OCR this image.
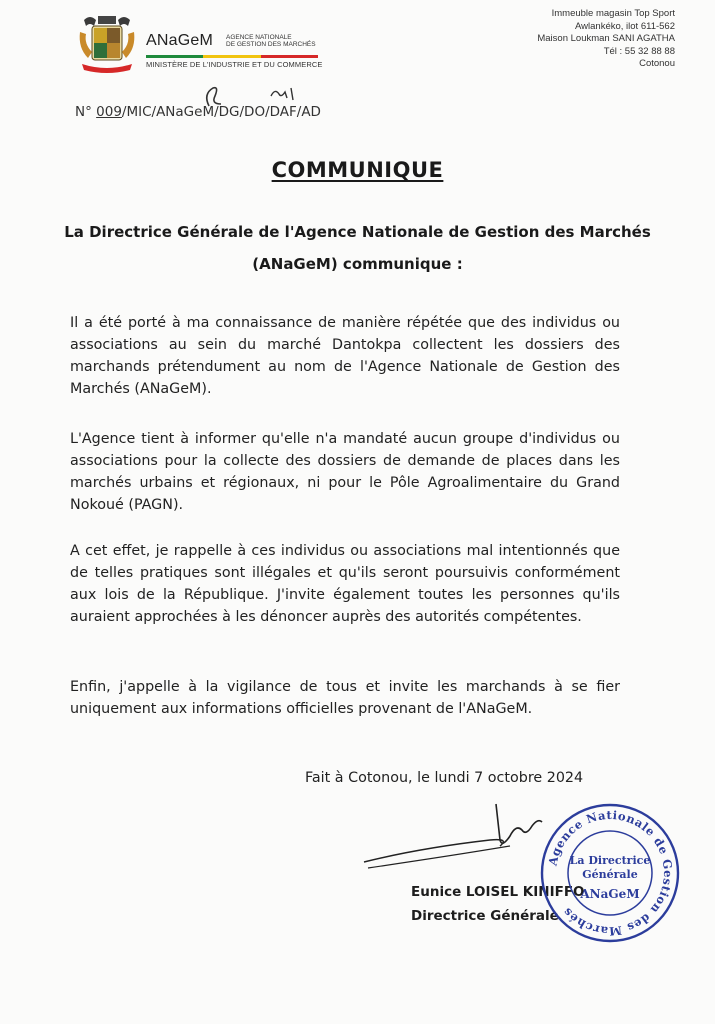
ANaGeM AGENCE NATIONALE
DE GESTION DES MARCHÉS
MINISTÈRE DE L'INDUSTRIE ET DU COMMERCE
Immeuble magasin Top Sport
Awlankéko, ilot 611-562
Maison Loukman SANI AGATHA
Tél : 55 32 88 88
Cotonou
N° 009/MIC/ANaGeM/DG/DO/DAF/AD
COMMUNIQUE
La Directrice Générale de l'Agence Nationale de Gestion des Marchés (ANaGeM) communique :
Il a été porté à ma connaissance de manière répétée que des individus ou associations au sein du marché Dantokpa collectent les dossiers des marchands prétendument au nom de l'Agence Nationale de Gestion des Marchés (ANaGeM).
L'Agence tient à informer qu'elle n'a mandaté aucun groupe d'individus ou associations pour la collecte des dossiers de demande de places dans les marchés urbains et régionaux, ni pour le Pôle Agroalimentaire du Grand Nokoué (PAGN).
A cet effet, je rappelle à ces individus ou associations mal intentionnés que de telles pratiques sont illégales et qu'ils seront poursuivis conformément aux lois de la République. J'invite également toutes les personnes qu'ils auraient approchées à les dénoncer auprès des autorités compétentes.
Enfin, j'appelle à la vigilance de tous et invite les marchands à se fier uniquement aux informations officielles provenant de l'ANaGeM.
Fait à Cotonou, le lundi 7 octobre 2024
Eunice LOISEL KINIFFO
Directrice Générale
Agence Nationale de Gestion des Marchés
La Directrice
Générale
ANaGeM
